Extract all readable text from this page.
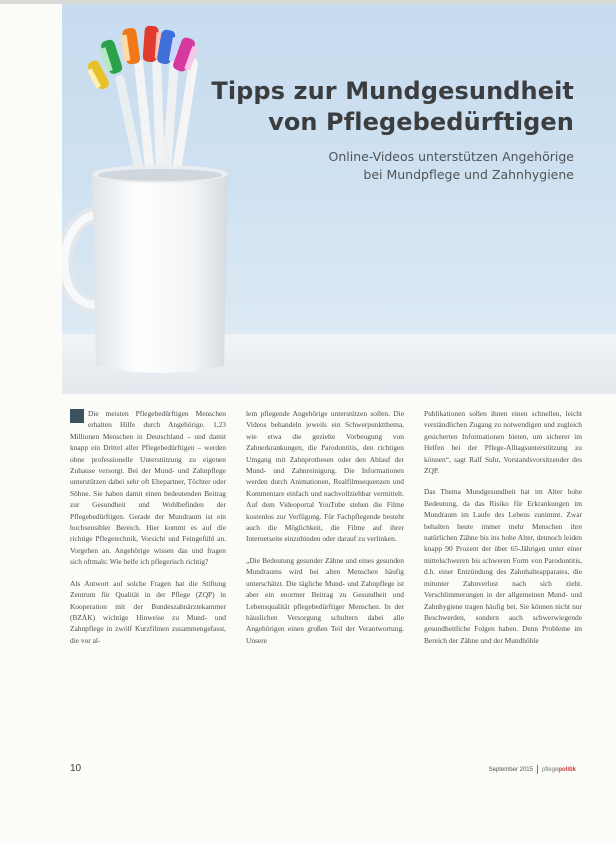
Tipps zur Mundgesundheit
von Pflegebedürftigen
Online-Videos unterstützen Angehörige
bei Mundpflege und Zahnhygiene

Die meisten Pflegebedürftigen Menschen erhalten Hilfe durch Angehörige. 1,23 Millionen Menschen in Deutschland – und damit knapp ein Drittel aller Pflegebedürftigen – werden ohne professionelle Unterstützung zu eigenen Zuhause versorgt. Bei der Mund- und Zahnpflege unterstützen dabei sehr oft Ehepartner, Töchter oder Söhne. Sie haben damit einen bedeutenden Beitrag zur Gesundheit und Wohlbefinden der Pflegebedürftigen. Gerade der Mundraum ist ein hochsensibler Bereich. Hier kommt es auf die richtige Pflegetechnik, Vorsicht und Feingefühl an. Vorgehen an. Angehörige wissen das und fragen sich oftmals: Wie helfe ich pflegerisch richtig?

Als Antwort auf solche Fragen hat die Stiftung Zentrum für Qualität in der Pflege (ZQP) in Kooperation mit der Bundeszahnärztekammer (BZÄK) wichtige Hinweise zu Mund- und Zahnpflege in zwölf Kurzfilmen zusammengefasst, die vor al-

lem pflegende Angehörige unterstützen sollen. Die Videos behandeln jeweils ein Schwerpunktthema, wie etwa die gezielte Vorbeugung von Zahnerkrankungen, die Parodontitis, den richtigen Umgang mit Zahnprothesen oder den Ablauf der Mund- und Zahnreinigung. Die Informationen werden durch Animationen, Realfilmsequenzen und Kommentare einfach und nachvollziehbar vermittelt. Auf dem Videoportal YouTube stehen die Filme kostenlos zur Verfügung. Für Fachpflegende besteht auch die Möglichkeit, die Filme auf ihrer Internetseite einzubinden oder darauf zu verlinken.

„Die Bedeutung gesunder Zähne und eines gesunden Mundraums wird bei alten Menschen häufig unterschätzt. Die tägliche Mund- und Zahnpflege ist aber ein enormer Beitrag zu Gesundheit und Lebensqualität pflegebedürftiger Menschen. In der häuslichen Versorgung schultern dabei alle Angehörigen einen großen Teil der Verantwortung. Unsere

Publikationen sollen ihnen einen schnellen, leicht verständlichen Zugang zu notwendigen und zugleich gesicherten Informationen bieten, um sicherer im Helfen bei der Pflege-Alltagsunterstützung zu können“, sagt Ralf Suhr, Vorstandsvorsitzender des ZQP.

Das Thema Mundgesundheit hat im Alter hohe Bedeutung, da das Risiko für Erkrankungen im Mundraum im Laufe des Lebens zunimmt. Zwar behalten heute immer mehr Menschen ihre natürlichen Zähne bis ins hohe Alter, dennoch leiden knapp 90 Prozent der über 65-Jährigen unter einer mittelschweren bis schweren Form von Parodontitis, d.h. einer Entzündung des Zahnhalteapparates, die mitunter Zahnverlust nach sich zieht. Verschlimmerungen in der allgemeinen Mund- und Zahnhygiene tragen häufig bei. Sie können nicht nur Beschwerden, sondern auch schwerwiegende gesundheitliche Folgen haben. Denn Probleme im Bereich der Zähne und der Mundhöhle

10	September 2015 pflegepolitik
